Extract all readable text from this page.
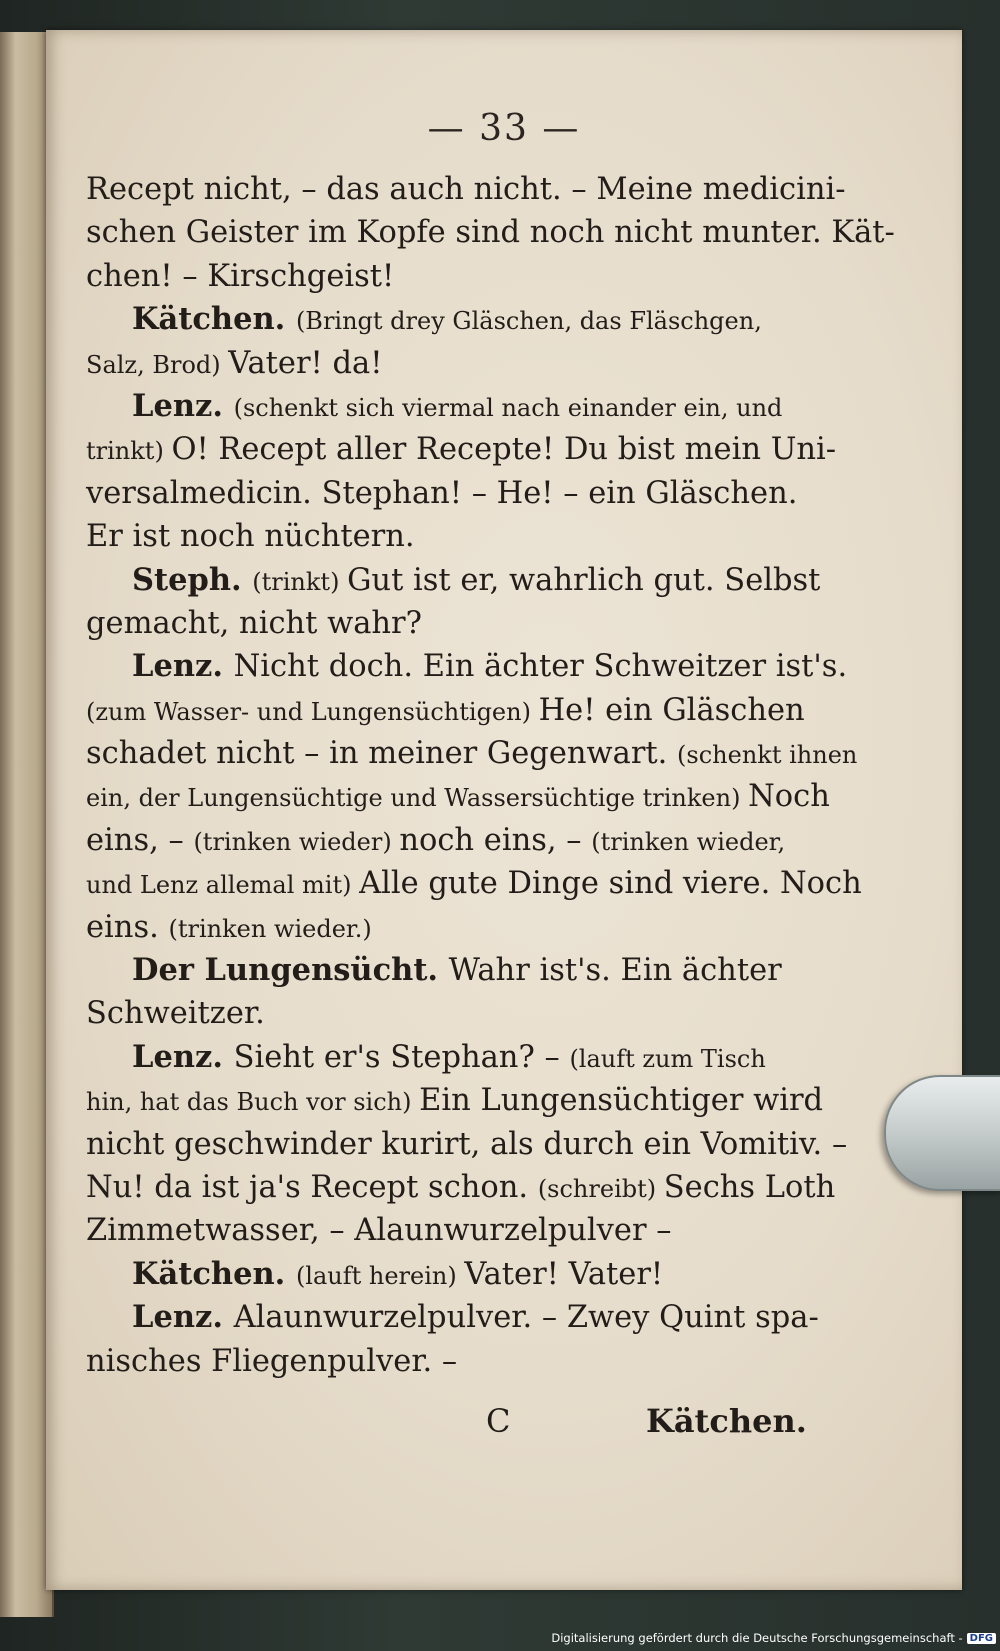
— 33 —
Recept nicht, – das auch nicht. – Meine medicini-
schen Geister im Kopfe sind noch nicht munter. Kät-
chen! – Kirschgeist!
Kätchen. (Bringt drey Gläschen, das Fläschgen,
Salz, Brod) Vater! da!
Lenz. (schenkt sich viermal nach einander ein, und
trinkt) O! Recept aller Recepte! Du bist mein Uni-
versalmedicin. Stephan! – He! – ein Gläschen.
Er ist noch nüchtern.
Steph. (trinkt) Gut ist er, wahrlich gut. Selbst
gemacht, nicht wahr?
Lenz. Nicht doch. Ein ächter Schweitzer ist's.
(zum Wasser- und Lungensüchtigen) He! ein Gläschen
schadet nicht – in meiner Gegenwart. (schenkt ihnen
ein, der Lungensüchtige und Wassersüchtige trinken) Noch
eins, – (trinken wieder) noch eins, – (trinken wieder,
und Lenz allemal mit) Alle gute Dinge sind viere. Noch
eins. (trinken wieder.)
Der Lungensücht. Wahr ist's. Ein ächter
Schweitzer.
Lenz. Sieht er's Stephan? – (lauft zum Tisch
hin, hat das Buch vor sich) Ein Lungensüchtiger wird
nicht geschwinder kurirt, als durch ein Vomitiv. –
Nu! da ist ja's Recept schon. (schreibt) Sechs Loth
Zimmetwasser, – Alaunwurzelpulver –
Kätchen. (lauft herein) Vater! Vater!
Lenz. Alaunwurzelpulver. – Zwey Quint spa-
nisches Fliegenpulver. –
C	Kätchen.
Digitalisierung gefördert durch die Deutsche Forschungsgemeinschaft - DFG
